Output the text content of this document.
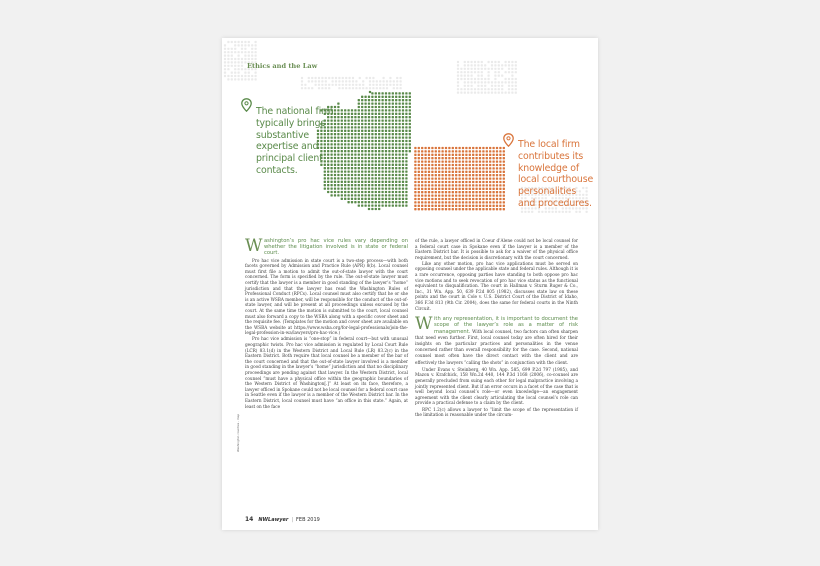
Ethics and the Law
The national firm typically brings substantive expertise and principal client contacts.
The local firm contributes its knowledge of local courthouse personalities and procedures.
Washington’s pro hac vice rules vary depending on whether the litigation involved is in state or federal court.

Pro hac vice admission in state court is a two-step process—with both facets governed by Admission and Practice Rule (APR) 8(b). Local counsel must first file a motion to admit the out-of-state lawyer with the court concerned. The form is specified by the rule. The out-of-state lawyer must certify that the lawyer is a member in good standing of the lawyer’s “home” jurisdiction and that the lawyer has read the Washington Rules of Professional Conduct (RPCs). Local counsel must also certify that he or she is an active WSBA member, will be responsible for the conduct of the out-of-state lawyer, and will be present at all proceedings unless excused by the court. At the same time the motion is submitted to the court, local counsel must also forward a copy to the WSBA along with a specific cover sheet and the requisite fee. (Templates for the motion and cover sheet are available on the WSBA website at https://www.wsba.org/for-legal-professionals/join-the-legal-profession-in-wa/lawyers/pro-hac-vice.)

Pro hac vice admission is “one-stop” in federal court—but with unusual geographic twists. Pro hac vice admission is regulated by Local Court Rule (LCR) 83.1(d) in the Western District and Local Rule (LR) 83.2(c) in the Eastern District. Both require that local counsel be a member of the bar of the court concerned and that the out-of-state lawyer involved is a member in good standing in the lawyer’s “home” jurisdiction and that no disciplinary proceedings are pending against that lawyer. In the Western District, local counsel “must have a physical office within the geographic boundaries of the Western District of Washington[.]” At least on its face, therefore, a lawyer officed in Spokane could not be local counsel for a federal court case in Seattle even if the lawyer is a member of the Western District bar. In the Eastern District, local counsel must have “an office in this state.” Again, at least on the face

of the rule, a lawyer officed in Coeur d’Alene could not be local counsel for a federal court case in Spokane even if the lawyer is a member of the Eastern District bar. It is possible to ask for a waiver of the physical office requirement, but the decision is discretionary with the court concerned.

Like any other motion, pro hac vice applications must be served on opposing counsel under the applicable state and federal rules. Although it is a rare occurrence, opposing parties have standing to both oppose pro hac vice motions and to seek revocation of pro hac vice status as the functional equivalent to disqualification. The court in Hallman v. Sturm Ruger & Co., Inc., 31 Wn. App. 50, 639 P.2d 805 (1982), discusses state law on these points and the court in Cole v. U.S. District Court of the District of Idaho, 366 F.3d 813 (9th Cir. 2004), does the same for federal courts in the Ninth Circuit.

With any representation, it is important to document the scope of the lawyer’s role as a matter of risk management. With local counsel, two factors can often sharpen that need even further. First, local counsel today are often hired for their insights on the particular practices and personalities in the venue concerned rather than overall responsibility for the case. Second, national counsel most often have the direct contact with the client and are effectively the lawyers “calling the shots” in conjunction with the client.

Under Evans v. Steinberg, 40 Wn. App. 585, 699 P.2d 797 (1985), and Mazon v. Krafchick, 158 Wn.2d 440, 144 P.3d 1168 (2006), co-counsel are generally precluded from suing each other for legal malpractice involving a jointly represented client. But if an error occurs in a facet of the case that is well beyond local counsel’s role—or even knowledge—an engagement agreement with the client clearly articulating the local counsel’s role can provide a practical defense to a claim by the client.

RPC 1.2(c) allows a lawyer to “limit the scope of the representation if the limitation is reasonable under the circum-

Washington counties - map
14 NWLawyer | FEB 2019
